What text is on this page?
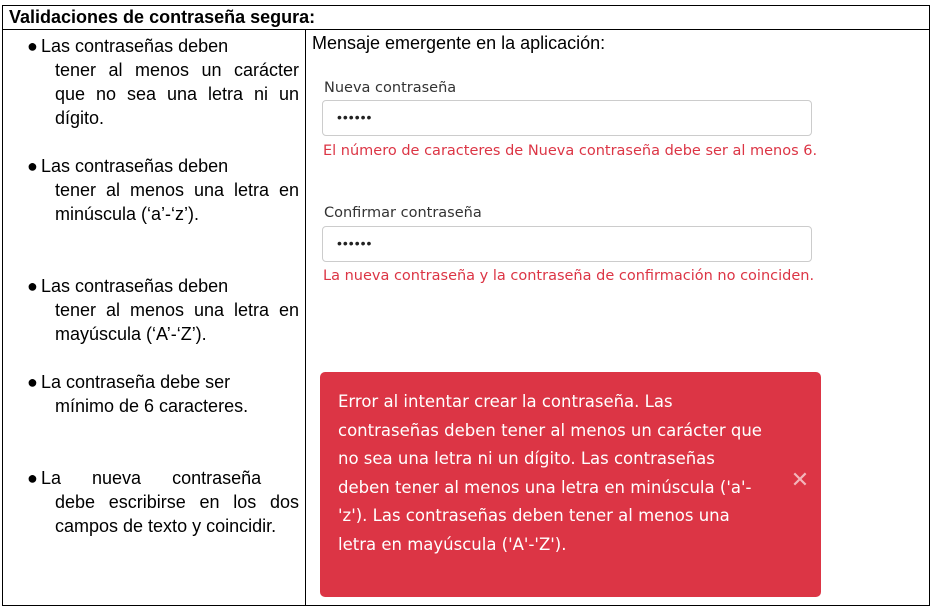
Validaciones de contraseña segura:
● Las contraseñas deben
tener al menos un carácter que no sea una letra ni un dígito.
● Las contraseñas deben
tener al menos una letra en minúscula (‘a’-‘z’).
● Las contraseñas deben
tener al menos una letra en mayúscula (‘A’-‘Z’).
● La contraseña debe ser
mínimo de 6 caracteres.
● La nueva contraseña
debe escribirse en los dos campos de texto y coincidir.
Mensaje emergente en la aplicación:
Nueva contraseña
••••••
El número de caracteres de Nueva contraseña debe ser al menos 6.
Confirmar contraseña
••••••
La nueva contraseña y la contraseña de confirmación no coinciden.
Error al intentar crear la contraseña. Las contraseñas deben tener al menos un carácter que no sea una letra ni un dígito. Las contraseñas deben tener al menos una letra en minúscula ('a'-'z'). Las contraseñas deben tener al menos una letra en mayúscula ('A'-'Z').
✕
